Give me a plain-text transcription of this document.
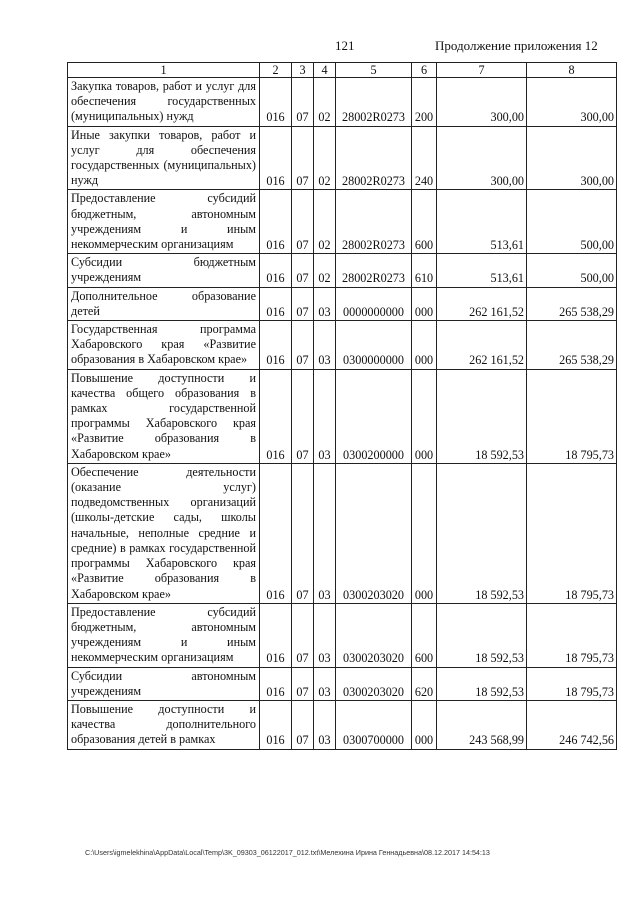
121	Продолжение приложения 12
1	2	3	4	5	6	7	8
Закупка товаров, работ и услуг для обеспечения государственных (муниципальных) нужд	016	07	02	28002R0273	200	300,00	300,00
Иные закупки товаров, работ и услуг для обеспечения государственных (муниципальных) нужд	016	07	02	28002R0273	240	300,00	300,00
Предоставление субсидий бюджетным, автономным учреждениям и иным некоммерческим организациям	016	07	02	28002R0273	600	513,61	500,00
Субсидии бюджетным учреждениям	016	07	02	28002R0273	610	513,61	500,00
Дополнительное образование детей	016	07	03	0000000000	000	262 161,52	265 538,29
Государственная программа Хабаровского края «Развитие образования в Хабаровском крае»	016	07	03	0300000000	000	262 161,52	265 538,29
Повышение доступности и качества общего образования в рамках государственной программы Хабаровского края «Развитие образования в Хабаровском крае»	016	07	03	0300200000	000	18 592,53	18 795,73
Обеспечение деятельности (оказание услуг) подведомственных организаций (школы-детские сады, школы начальные, неполные средние и средние) в рамках государственной программы Хабаровского края «Развитие образования в Хабаровском крае»	016	07	03	0300203020	000	18 592,53	18 795,73
Предоставление субсидий бюджетным, автономным учреждениям и иным некоммерческим организациям	016	07	03	0300203020	600	18 592,53	18 795,73
Субсидии автономным учреждениям	016	07	03	0300203020	620	18 592,53	18 795,73
Повышение доступности и качества дополнительного образования детей в рамках	016	07	03	0300700000	000	243 568,99	246 742,56
C:\Users\igmelekhina\AppData\Local\Temp\3K_09303_06122017_012.txt\Мелехина Ирина Геннадьевна\08.12.2017 14:54:13
